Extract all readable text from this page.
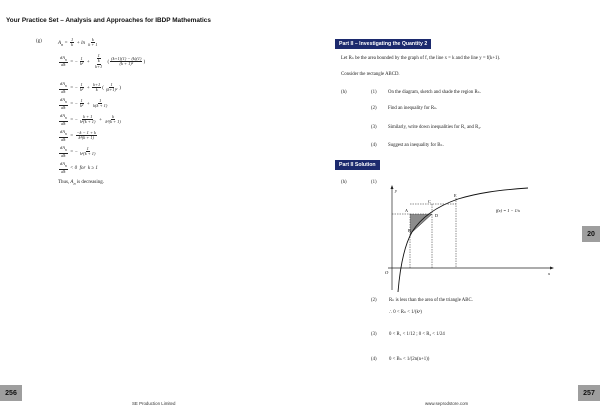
Your Practice Set – Analysis and Approaches for IBDP Mathematics
(g)	$A_n = \frac{1}{k} + \ln \frac{k}{k + 1}$
$\frac{dA_n}{dk}$ = − $\frac{1}{\text{k²}} + \frac{1}{\frac{k}{k+1}}$ ( $\frac{(k+1)(1) - (k)(1)}{\text{(k + 1)²}}$ )
$\frac{dA_n}{dk}$ = − $\frac{1}{\text{k²}} + \frac{k+1}{k}$ ( $\frac{1}{\text{(k+1)²}}$ )
$\frac{dA_n}{dk}$ = − $\frac{1}{\text{k²}} + \frac{1}{k(k + 1)}$
$\frac{dA_n}{dk}$ = − $\frac{k + 1}{\text{k²(k + 1)}} + \frac{k}{\text{k²(k + 1)}}$
$\frac{dA_n}{dk} = \frac{-k - 1 + k}{\text{k²(k + 1)}}$
$\frac{dA_n}{dk}$ = − $\frac{1}{\text{k²(k + 1)}}$
$\frac{dA_n}{dk} < 0$  for  k ≥ 1
Thus, $A_n$ is decreasing.
Part II – Investigating the Quantity 2
Let Rₙ be the area bounded by the graph of f, the line x = k and the line y = f(k+1).
Consider the rectangle ABCD.
(h)	(1) On the diagram, sketch and shade the region Rₙ.
(2) Find an inequality for Rₙ.
(3) Similarly, write down inequalities for R₁ and R₂.
(4) Suggest an inequality for Bₙ.
Part II Solution
(h)	(1)
y
x
O
A
B
C
D
E
f(x) = 1 − 1/x
(2)	Rₙ is less than the area of the triangle ABC.
∴ 0 < Rₙ < 1/(k²)
(3)	0 < R₁ < 1/12 ; 0 < R₂ < 1/24
(4)	0 < Bₙ < 1/(2n(n+1))
20
256	257
SE Production Limited	www.seprodstore.com
